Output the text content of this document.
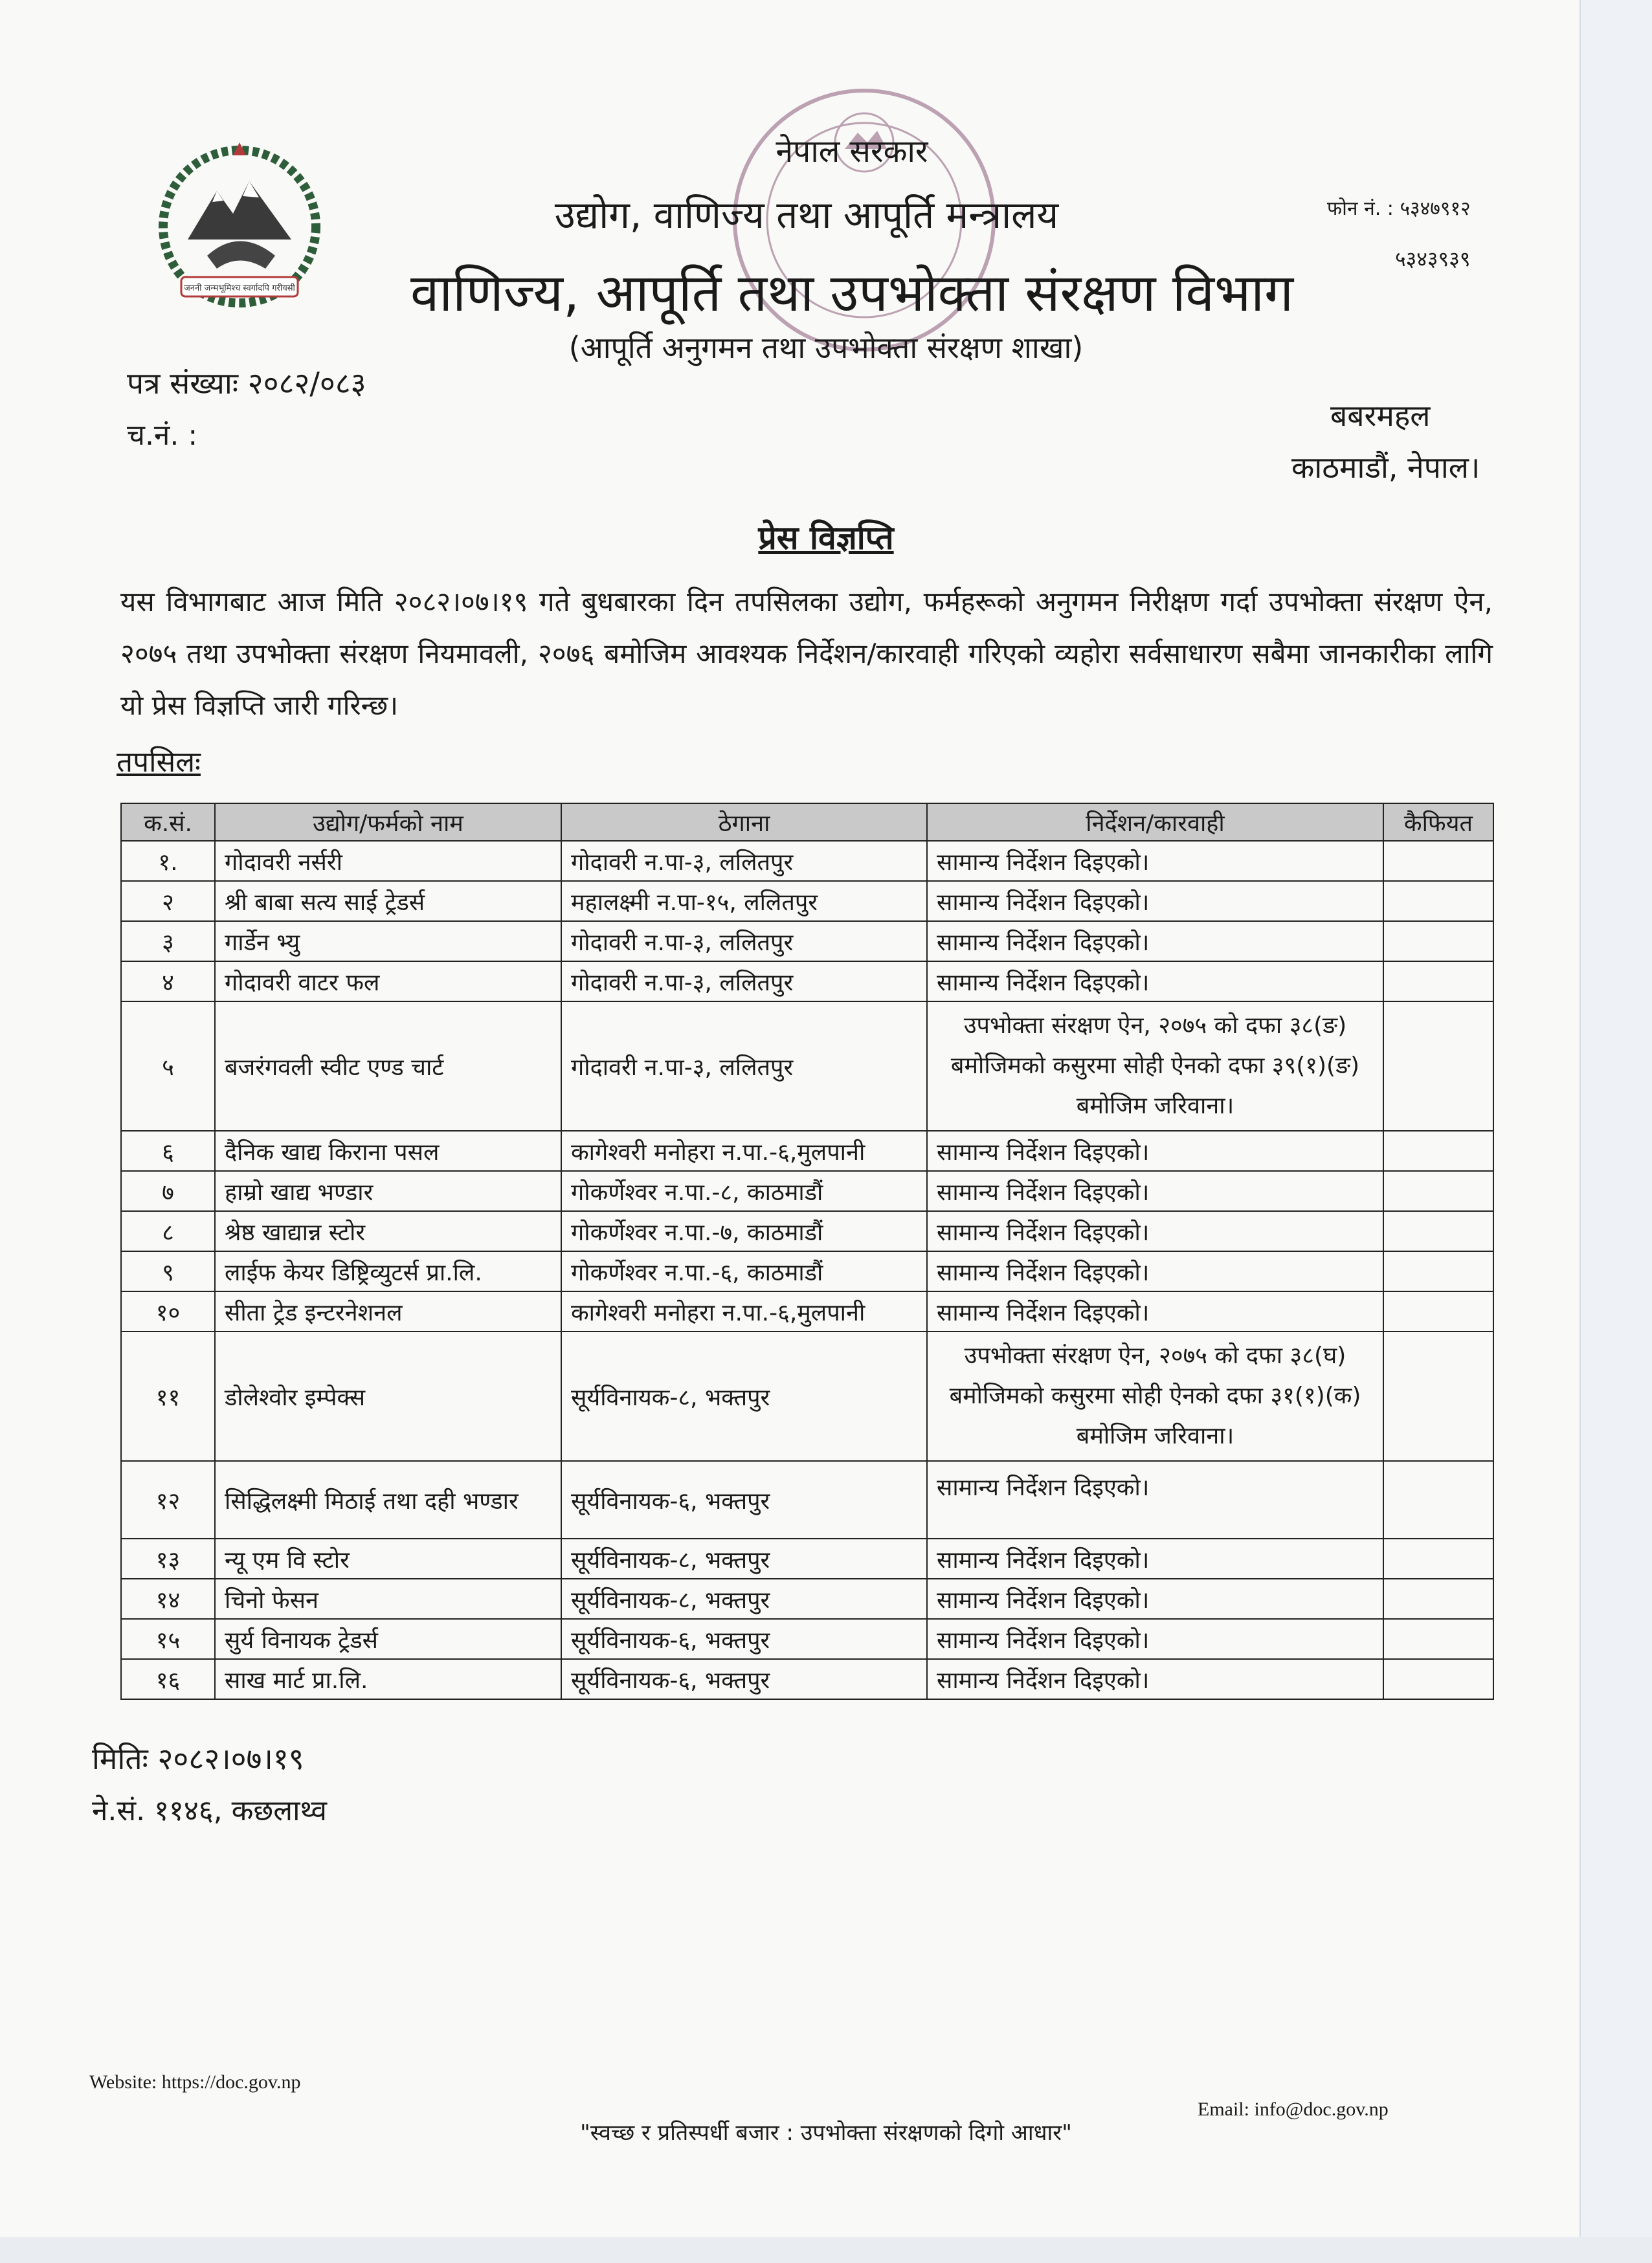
जननी जन्मभूमिश्च स्वर्गादपि गरीयसी
नेपाल सरकार
उद्योग, वाणिज्य तथा आपूर्ति मन्त्रालय
वाणिज्य, आपूर्ति तथा उपभोक्ता संरक्षण विभाग
(आपूर्ति अनुगमन तथा उपभोक्ता संरक्षण शाखा)
फोन नं. : ५३४७९१२
५३४३९३९
पत्र संख्याः २०८२/०८३
च.नं. :
बबरमहल
काठमाडौं, नेपाल।
प्रेस विज्ञप्ति
यस विभागबाट आज मिति २०८२।०७।१९ गते बुधबारका दिन तपसिलका उद्योग, फर्महरूको अनुगमन निरीक्षण गर्दा उपभोक्ता संरक्षण ऐन, २०७५ तथा उपभोक्ता संरक्षण नियमावली, २०७६ बमोजिम आवश्यक निर्देशन/कारवाही गरिएको व्यहोरा सर्वसाधारण सबैमा जानकारीका लागि यो प्रेस विज्ञप्ति जारी गरिन्छ।
तपसिलः
क.सं.	उद्योग/फर्मको नाम	ठेगाना	निर्देशन/कारवाही	कैफियत
१.	गोदावरी नर्सरी	गोदावरी न.पा-३, ललितपुर	सामान्य निर्देशन दिइएको।	
२	श्री बाबा सत्य साई ट्रेडर्स	महालक्ष्मी न.पा-१५, ललितपुर	सामान्य निर्देशन दिइएको।	
३	गार्डेन भ्यु	गोदावरी न.पा-३, ललितपुर	सामान्य निर्देशन दिइएको।	
४	गोदावरी वाटर फल	गोदावरी न.पा-३, ललितपुर	सामान्य निर्देशन दिइएको।	
५	बजरंगवली स्वीट एण्ड चार्ट	गोदावरी न.पा-३, ललितपुर	उपभोक्ता संरक्षण ऐन, २०७५ को दफा ३८(ङ) बमोजिमको कसुरमा सोही ऐनको दफा ३९(१)(ङ) बमोजिम जरिवाना।	
६	दैनिक खाद्य किराना पसल	कागेश्वरी मनोहरा न.पा.-६,मुलपानी	सामान्य निर्देशन दिइएको।	
७	हाम्रो खाद्य भण्डार	गोकर्णेश्वर न.पा.-८, काठमाडौं	सामान्य निर्देशन दिइएको।	
८	श्रेष्ठ खाद्यान्न स्टोर	गोकर्णेश्वर न.पा.-७, काठमाडौं	सामान्य निर्देशन दिइएको।	
९	लाईफ केयर डिष्ट्रिव्युटर्स प्रा.लि.	गोकर्णेश्वर न.पा.-६, काठमाडौं	सामान्य निर्देशन दिइएको।	
१०	सीता ट्रेड इन्टरनेशनल	कागेश्वरी मनोहरा न.पा.-६,मुलपानी	सामान्य निर्देशन दिइएको।	
११	डोलेश्वोर इम्पेक्स	सूर्यविनायक-८, भक्तपुर	उपभोक्ता संरक्षण ऐन, २०७५ को दफा ३८(घ) बमोजिमको कसुरमा सोही ऐनको दफा ३१(१)(क) बमोजिम जरिवाना।	
१२	सिद्धिलक्ष्मी मिठाई तथा दही भण्डार	सूर्यविनायक-६, भक्तपुर	सामान्य निर्देशन दिइएको।	
१३	न्यू एम वि स्टोर	सूर्यविनायक-८, भक्तपुर	सामान्य निर्देशन दिइएको।	
१४	चिनो फेसन	सूर्यविनायक-८, भक्तपुर	सामान्य निर्देशन दिइएको।	
१५	सुर्य विनायक ट्रेडर्स	सूर्यविनायक-६, भक्तपुर	सामान्य निर्देशन दिइएको।	
१६	साख मार्ट प्रा.लि.	सूर्यविनायक-६, भक्तपुर	सामान्य निर्देशन दिइएको।	
मितिः २०८२।०७।१९
ने.सं. ११४६, कछलाथ्व
Website: https://doc.gov.np
Email: info@doc.gov.np
"स्वच्छ र प्रतिस्पर्धी बजार : उपभोक्ता संरक्षणको दिगो आधार"
